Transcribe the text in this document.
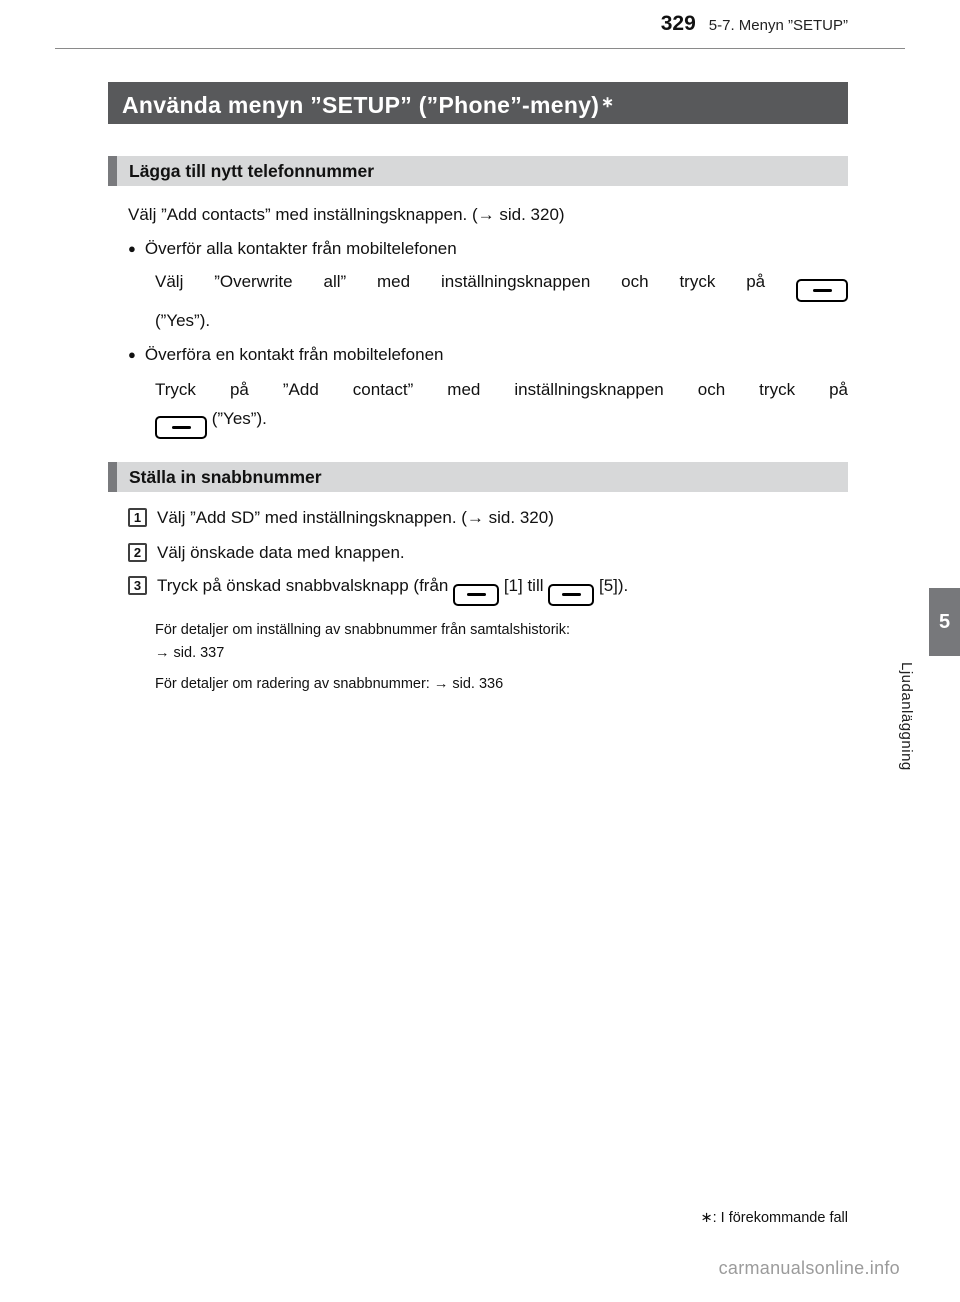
329 5-7. Menyn ”SETUP”
Använda menyn ”SETUP” (”Phone”-meny) ∗
Lägga till nytt telefonnummer

Välj ”Add contacts” med inställningsknappen. (→ sid. 320)

● Överför alla kontakter från mobiltelefonen

Välj ”Overwrite all” med inställningsknappen och tryck på

(”Yes”).

● Överföra en kontakt från mobiltelefonen

Tryck på ”Add contact” med inställningsknappen och tryck på

(”Yes”).

Ställa in snabbnummer
1 Välj ”Add SD” med inställningsknappen. (→ sid. 320)
2 Välj önskade data med knappen.
3 Tryck på önskad snabbvalsknapp (från	[1] till	[5]).

För detaljer om inställning av snabbnummer från samtalshistorik:

→ sid. 337

För detaljer om radering av snabbnummer: → sid. 336

5
Ljudanläggning
∗: I förekommande fall
carmanualsonline.info
